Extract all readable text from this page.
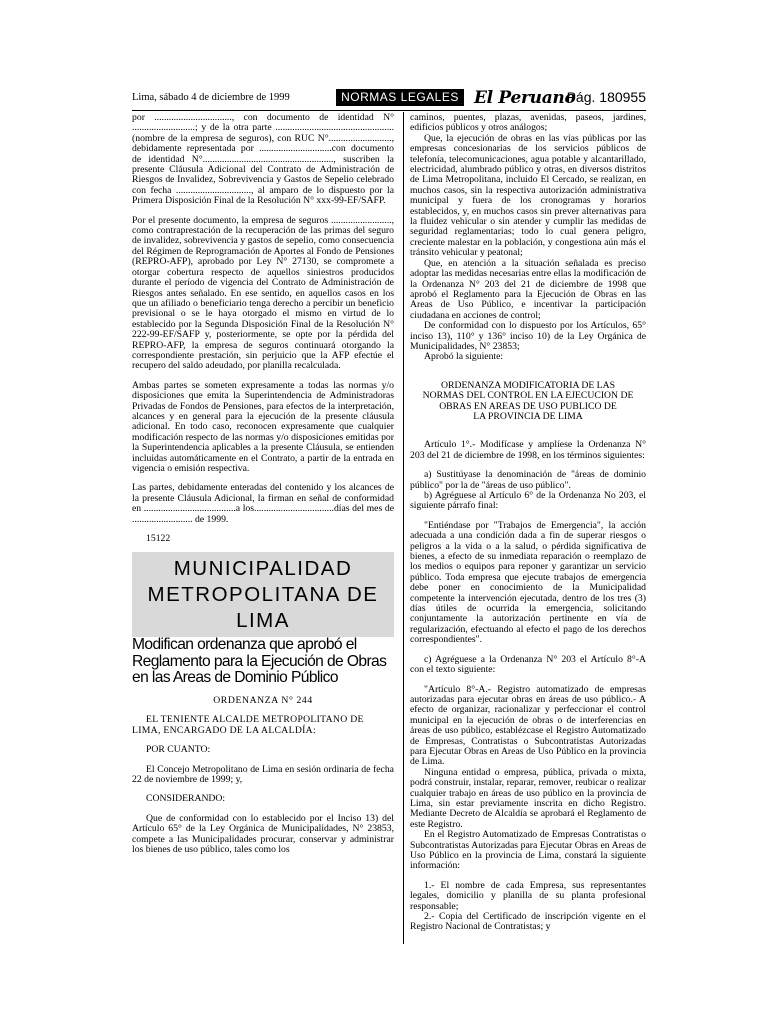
Lima, sábado 4 de diciembre de 1999	NORMAS LEGALES El Peruano
Pág. 180955

por ................................, con documento de identidad N° ..........................; y de la otra parte .................................................(nombre de la empresa de seguros), con RUC N°.........................., debidamente representada por ..............................con documento de identidad N°......................................................, suscriben la presente Cláusula Adicional del Contrato de Administración de Riesgos de Invalidez, Sobrevivencia y Gastos de Sepelio celebrado con fecha ..............................., al amparo de lo dispuesto por la Primera Disposición Final de la Resolución N° xxx-99-EF/SAFP.

Por el presente documento, la empresa de seguros ........................., como contraprestación de la recuperación de las primas del seguro de invalidez, sobrevivencia y gastos de sepelio, como consecuencia del Régimen de Reprogramación de Aportes al Fondo de Pensiones (REPRO-AFP), aprobado por Ley N° 27130, se compromete a otorgar cobertura respecto de aquellos siniestros producidos durante el período de vigencia del Contrato de Administración de Riesgos antes señalado. En ese sentido, en aquellos casos en los que un afiliado o beneficiario tenga derecho a percibir un beneficio previsional o se le haya otorgado el mismo en virtud de lo establecido por la Segunda Disposición Final de la Resolución N° 222-99-EF/SAFP y, posteriormente, se opte por la pérdida del REPRO-AFP, la empresa de seguros continuará otorgando la correspondiente prestación, sin perjuicio que la AFP efectúe el recupero del saldo adeudado, por planilla recalculada.

Ambas partes se someten expresamente a todas las normas y/o disposiciones que emita la Superintendencia de Administradoras Privadas de Fondos de Pensiones, para efectos de la interpretación, alcances y en general para la ejecución de la presente cláusula adicional. En todo caso, reconocen expresamente que cualquier modificación respecto de las normas y/o disposiciones emitidas por la Superintendencia aplicables a la presente Cláusula, se entienden incluidas automáticamente en el Contrato, a partir de la entrada en vigencia o emisión respectiva.

Las partes, debidamente enteradas del contenido y los alcances de la presente Cláusula Adicional, la firman en señal de conformidad en ......................................a los.................................días del mes de ......................... de 1999.

15122

MUNICIPALIDAD
METROPOLITANA DE
LIMA

Modifican ordenanza que aprobó el Reglamento para la Ejecución de Obras en las Areas de Dominio Público

ORDENANZA N° 244

EL TENIENTE ALCALDE METROPOLITANO DE LIMA, ENCARGADO DE LA ALCALDÍA:

POR CUANTO:

El Concejo Metropolitano de Lima en sesión ordinaria de fecha 22 de noviembre de 1999; y,

CONSIDERANDO:

Que de conformidad con lo establecido por el Inciso 13) del Artículo 65° de la Ley Orgánica de Municipalidades, N° 23853, compete a las Municipalidades procurar, conservar y administrar los bienes de uso público, tales como los

caminos, puentes, plazas, avenidas, paseos, jardines, edificios públicos y otros análogos;

Que, la ejecución de obras en las vías públicas por las empresas concesionarias de los servicios públicos de telefonía, telecomunicaciones, agua potable y alcantarillado, electricidad, alumbrado público y otras, en diversos distritos de Lima Metropolitana, incluido El Cercado, se realizan, en muchos casos, sin la respectiva autorización administrativa municipal y fuera de los cronogramas y horarios establecidos, y, en muchos casos sin prever alternativas para la fluidez vehicular o sin atender y cumplir las medidas de seguridad reglamentarias; todo lo cual genera peligro, creciente malestar en la población, y congestiona aún más el tránsito vehicular y peatonal;

Que, en atención a la situación señalada es preciso adoptar las medidas necesarias entre ellas la modificación de la Ordenanza N° 203 del 21 de diciembre de 1998 que aprobó el Reglamento para la Ejecución de Obras en las Areas de Uso Público, e incentivar la participación ciudadana en acciones de control;

De conformidad con lo dispuesto por los Artículos, 65° inciso 13), 110° y 136° inciso 10) de la Ley Orgánica de Municipalidades, N° 23853;

Aprobó la siguiente:

ORDENANZA MODIFICATORIA DE LAS
NORMAS DEL CONTROL EN LA EJECUCION DE
OBRAS EN AREAS DE USO PUBLICO DE
LA PROVINCIA DE LIMA

Artículo 1°.- Modifícase y amplíese la Ordenanza N° 203 del 21 de diciembre de 1998, en los términos siguientes:

a) Sustitúyase la denominación de "áreas de dominio público" por la de "áreas de uso público".

b) Agréguese al Artículo 6° de la Ordenanza No 203, el siguiente párrafo final:

"Entiéndase por "Trabajos de Emergencia", la acción adecuada a una condición dada a fin de superar riesgos o peligros a la vida o a la salud, o pérdida significativa de bienes, a efecto de su inmediata reparación o reemplazo de los medios o equipos para reponer y garantizar un servicio público. Toda empresa que ejecute trabajos de emergencia debe poner en conocimiento de la Municipalidad competente la intervención ejecutada, dentro de los tres (3) días útiles de ocurrida la emergencia, solicitando conjuntamente la autorización pertinente en vía de regularización, efectuando al efecto el pago de los derechos correspondientes".

c) Agréguese a la Ordenanza N° 203 el Artículo 8°-A con el texto siguiente:

"Artículo 8°-A.- Registro automatizado de empresas autorizadas para ejecutar obras en áreas de uso público.- A efecto de organizar, racionalizar y perfeccionar el control municipal en la ejecución de obras o de interferencias en áreas de uso público, establézcase el Registro Automatizado de Empresas, Contratistas o Subcontratistas Autorizadas para Ejecutar Obras en Areas de Uso Público en la provincia de Lima.

Ninguna entidad o empresa, pública, privada o mixta, podrá construir, instalar, reparar, remover, reubicar o realizar cualquier trabajo en áreas de uso público en la provincia de Lima, sin estar previamente inscrita en dicho Registro. Mediante Decreto de Alcaldía se aprobará el Reglamento de este Registro.

En el Registro Automatizado de Empresas Contratistas o Subcontratistas Autorizadas para Ejecutar Obras en Areas de Uso Público en la provincia de Lima, constará la siguiente información:

1.- El nombre de cada Empresa, sus representantes legales, domicilio y planilla de su planta profesional responsable;

2.- Copia del Certificado de inscripción vigente en el Registro Nacional de Contratistas; y
